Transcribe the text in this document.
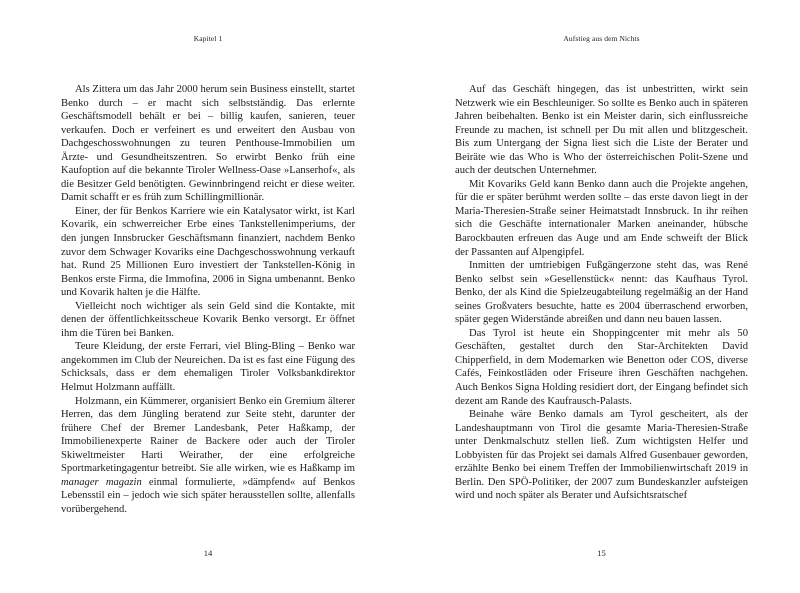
Kapitel 1

Als Zittera um das Jahr 2000 herum sein Business einstellt, startet Benko durch – er macht sich selbstständig. Das erlernte Geschäftsmodell behält er bei – billig kaufen, sanieren, teuer verkaufen. Doch er verfeinert es und erweitert den Ausbau von Dachgeschosswohnungen zu teuren Penthouse-Immobilien um Ärzte- und Gesundheitszentren. So erwirbt Benko früh eine Kaufoption auf die bekannte Tiroler Wellness-Oase »Lanserhof«, als die Besitzer Geld benötigten. Gewinnbringend reicht er diese weiter. Damit schafft er es früh zum Schillingmillionär.

Einer, der für Benkos Karriere wie ein Katalysator wirkt, ist Karl Kovarik, ein schwerreicher Erbe eines Tankstellenimperiums, der den jungen Innsbrucker Geschäftsmann finanziert, nachdem Benko zuvor dem Schwager Kovariks eine Dachgeschosswohnung verkauft hat. Rund 25 Millionen Euro investiert der Tankstellen-König in Benkos erste Firma, die Immofina, 2006 in Signa umbenannt. Benko und Kovarik halten je die Hälfte.

Vielleicht noch wichtiger als sein Geld sind die Kontakte, mit denen der öffentlichkeitsscheue Kovarik Benko versorgt. Er öffnet ihm die Türen bei Banken.

Teure Kleidung, der erste Ferrari, viel Bling-Bling – Benko war angekommen im Club der Neureichen. Da ist es fast eine Fügung des Schicksals, dass er dem ehemaligen Tiroler Volksbankdirektor Helmut Holzmann auffällt.

Holzmann, ein Kümmerer, organisiert Benko ein Gremium älterer Herren, das dem Jüngling beratend zur Seite steht, darunter der frühere Chef der Bremer Landesbank, Peter Haßkamp, der Immobilienexperte Rainer de Backere oder auch der Tiroler Skiweltmeister Harti Weirather, der eine erfolgreiche Sportmarketingagentur betreibt. Sie alle wirken, wie es Haßkamp im manager magazin einmal formulierte, »dämpfend« auf Benkos Lebensstil ein – jedoch wie sich später herausstellen sollte, allenfalls vorübergehend.

14
Aufstieg aus dem Nichts

Auf das Geschäft hingegen, das ist unbestritten, wirkt sein Netzwerk wie ein Beschleuniger. So sollte es Benko auch in späteren Jahren beibehalten. Benko ist ein Meister darin, sich einflussreiche Freunde zu machen, ist schnell per Du mit allen und blitzgescheit. Bis zum Untergang der Signa liest sich die Liste der Berater und Beiräte wie das Who is Who der österreichischen Polit-Szene und auch der deutschen Unternehmer.

Mit Kovariks Geld kann Benko dann auch die Projekte angehen, für die er später berühmt werden sollte – das erste davon liegt in der Maria-Theresien-Straße seiner Heimatstadt Innsbruck. In ihr reihen sich die Geschäfte internationaler Marken aneinander, hübsche Barockbauten erfreuen das Auge und am Ende schweift der Blick der Passanten auf Alpengipfel.

Inmitten der umtriebigen Fußgängerzone steht das, was René Benko selbst sein »Gesellenstück« nennt: das Kaufhaus Tyrol. Benko, der als Kind die Spielzeugabteilung regelmäßig an der Hand seines Großvaters besuchte, hatte es 2004 überraschend erworben, später gegen Widerstände abreißen und dann neu bauen lassen.

Das Tyrol ist heute ein Shoppingcenter mit mehr als 50 Geschäften, gestaltet durch den Star-Architekten David Chipperfield, in dem Modemarken wie Benetton oder COS, diverse Cafés, Feinkostläden oder Friseure ihren Geschäften nachgehen. Auch Benkos Signa Holding residiert dort, der Eingang befindet sich dezent am Rande des Kaufrausch-Palasts.

Beinahe wäre Benko damals am Tyrol gescheitert, als der Landeshauptmann von Tirol die gesamte Maria-Theresien-Straße unter Denkmalschutz stellen ließ. Zum wichtigsten Helfer und Lobbyisten für das Projekt sei damals Alfred Gusenbauer geworden, erzählte Benko bei einem Treffen der Immobilienwirtschaft 2019 in Berlin. Den SPÖ-Politiker, der 2007 zum Bundeskanzler aufsteigen wird und noch später als Berater und Aufsichtsratschef

15
